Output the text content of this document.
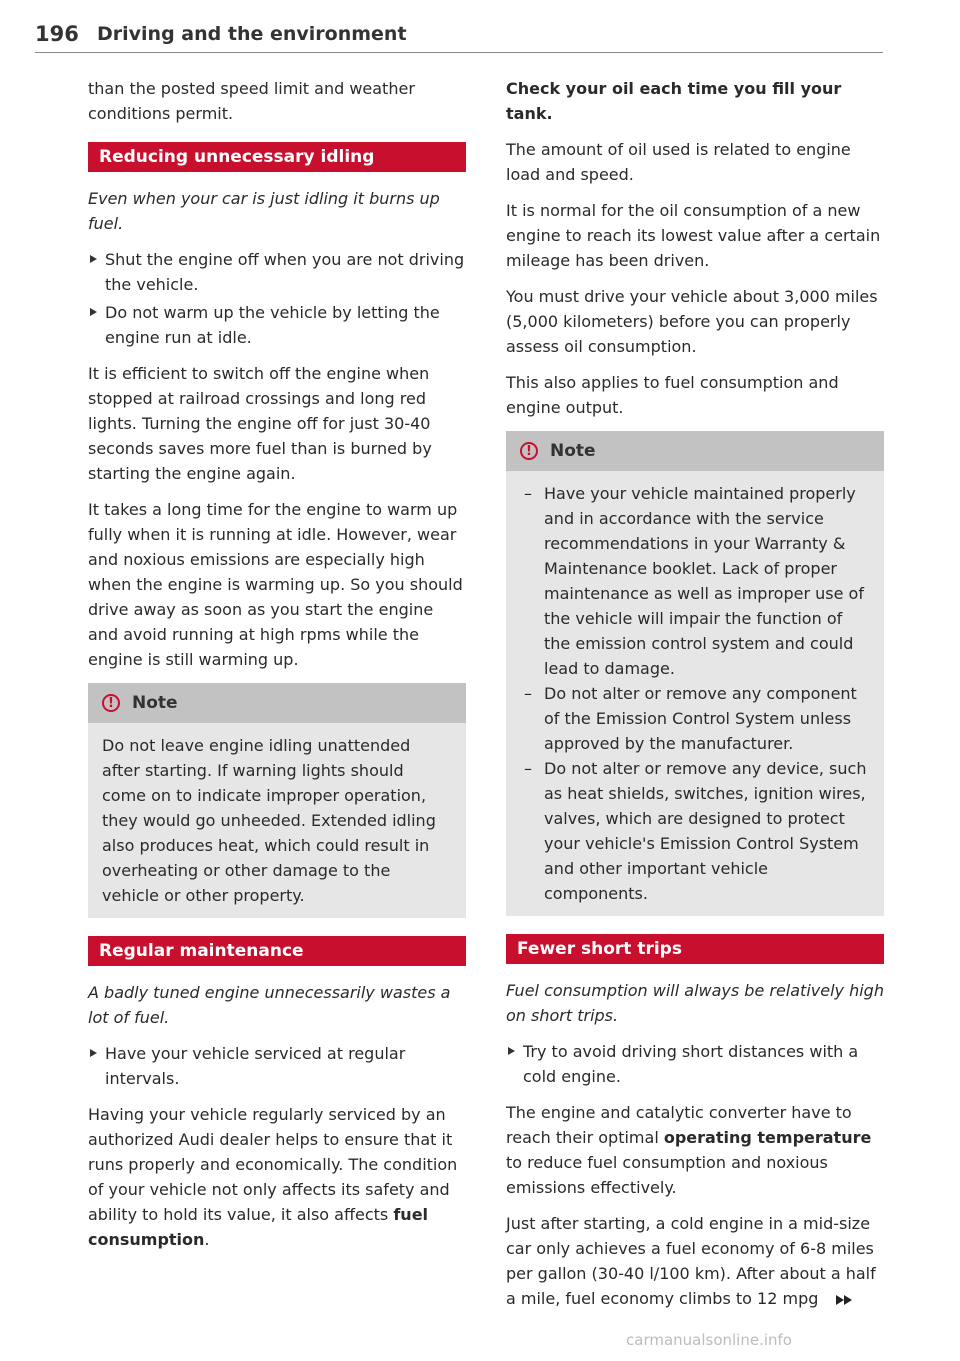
196 Driving and the environment

than the posted speed limit and weather conditions permit.

Reducing unnecessary idling

Even when your car is just idling it burns up fuel.

Shut the engine off when you are not driving the vehicle.
Do not warm up the vehicle by letting the engine run at idle.

It is efficient to switch off the engine when stopped at railroad crossings and long red lights. Turning the engine off for just 30-40 seconds saves more fuel than is burned by starting the engine again.

It takes a long time for the engine to warm up fully when it is running at idle. However, wear and noxious emissions are especially high when the engine is warming up. So you should drive away as soon as you start the engine and avoid running at high rpms while the engine is still warming up.

!	Note

Do not leave engine idling unattended after starting. If warning lights should come on to indicate improper operation, they would go unheeded. Extended idling also produces heat, which could result in overheating or other damage to the vehicle or other property.

Regular maintenance

A badly tuned engine unnecessarily wastes a lot of fuel.

Have your vehicle serviced at regular intervals.

Having your vehicle regularly serviced by an authorized Audi dealer helps to ensure that it runs properly and economically. The condition of your vehicle not only affects its safety and ability to hold its value, it also affects fuel consumption.

Check your oil each time you fill your tank.

The amount of oil used is related to engine load and speed.

It is normal for the oil consumption of a new engine to reach its lowest value after a certain mileage has been driven.

You must drive your vehicle about 3,000 miles (5,000 kilometers) before you can properly assess oil consumption.

This also applies to fuel consumption and engine output.

!	Note

– Have your vehicle maintained properly and in accordance with the service recommendations in your Warranty & Maintenance booklet. Lack of proper maintenance as well as improper use of the vehicle will impair the function of the emission control system and could lead to damage.

– Do not alter or remove any component of the Emission Control System unless approved by the manufacturer.

– Do not alter or remove any device, such as heat shields, switches, ignition wires, valves, which are designed to protect your vehicle's Emission Control System and other important vehicle components.

Fewer short trips

Fuel consumption will always be relatively high on short trips.

Try to avoid driving short distances with a cold engine.

The engine and catalytic converter have to reach their optimal operating temperature to reduce fuel consumption and noxious emissions effectively.

Just after starting, a cold engine in a mid-size car only achieves a fuel economy of 6-8 miles per gallon (30-40 l/100 km). After about a half a mile, fuel economy climbs to 12 mpg

carmanualsonline.info
